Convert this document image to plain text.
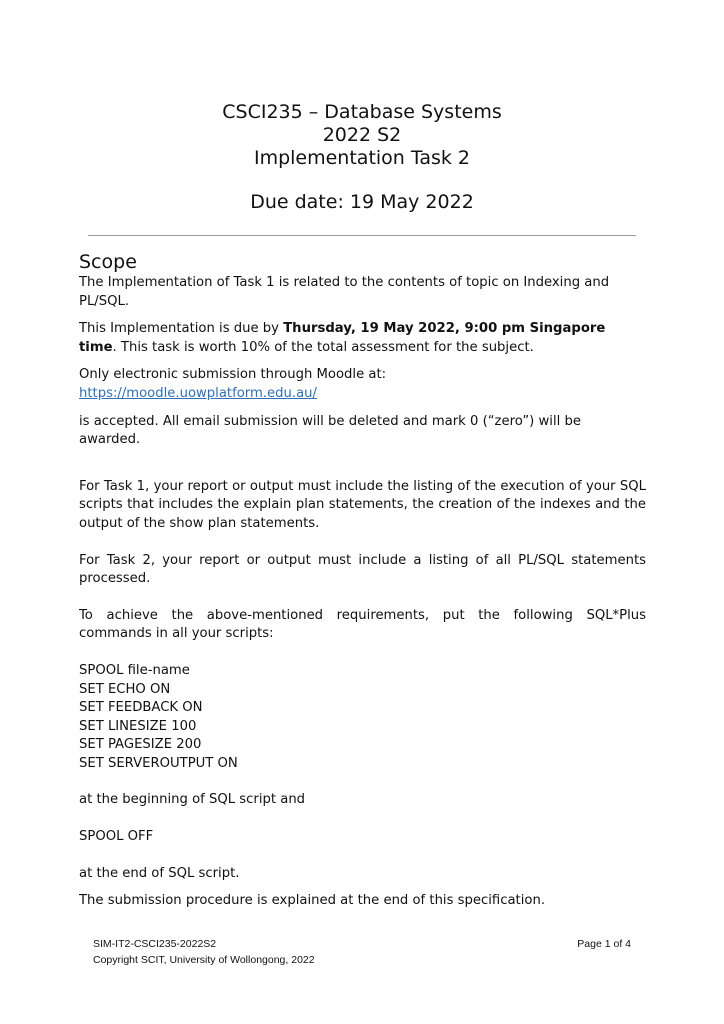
CSCI235 – Database Systems
2022 S2
Implementation Task 2
Due date: 19 May 2022
Scope

The Implementation of Task 1 is related to the contents of topic on Indexing and PL/SQL.

This Implementation is due by Thursday, 19 May 2022, 9:00 pm Singapore time. This task is worth 10% of the total assessment for the subject.

Only electronic submission through Moodle at:

https://moodle.uowplatform.edu.au/

is accepted. All email submission will be deleted and mark 0 (“zero”) will be awarded.

For Task 1, your report or output must include the listing of the execution of your SQL scripts that includes the explain plan statements, the creation of the indexes and the output of the show plan statements.

For Task 2, your report or output must include a listing of all PL/SQL statements processed.

To achieve the above-mentioned requirements, put the following SQL*Plus commands in all your scripts:

SPOOL file-name

SET ECHO ON

SET FEEDBACK ON

SET LINESIZE 100

SET PAGESIZE 200

SET SERVEROUTPUT ON

at the beginning of SQL script and

SPOOL OFF

at the end of SQL script.

The submission procedure is explained at the end of this specification.

SIM-IT2-CSCI235-2022S2	Page 1 of 4
Copyright SCIT, University of Wollongong, 2022
